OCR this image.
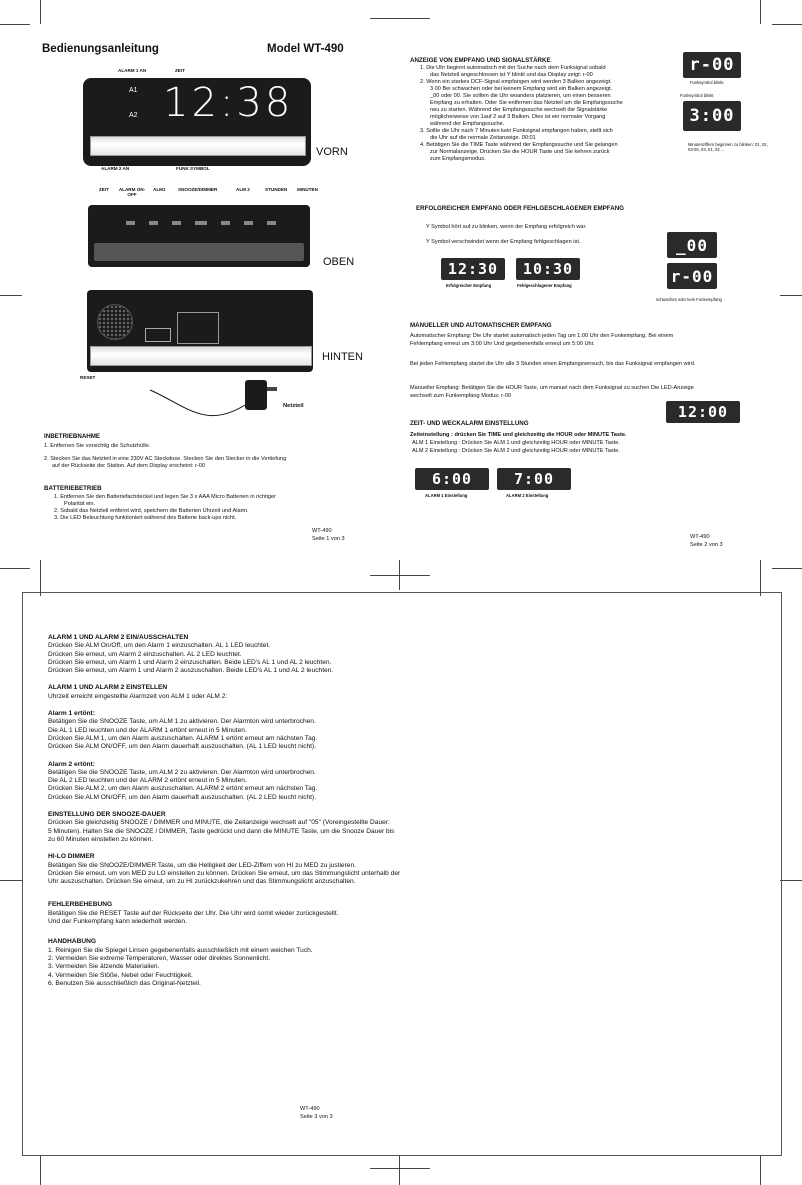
Bedienungsanleitung	Model WT-490
ALARM 1 AN	ZEIT
A1
A2 12:38
VORN
ALARM 2 AN	FUNK SYMBOL
ZEIT ALARM ON-OFF
ALM1	SNOOZE/DIMMER	ALM 2	STUNDEN MINUTEN
OBEN
HINTEN
RESET
Netzteil
INBETRIEBNAHME
1. Entfernen Sie vorsichtig die Schutzhülle.
2. Stecken Sie das Netzteil in eine 230V AC Steckdose. Stecken Sie den Stecker in die Vertiefung
auf der Rückseite der Station. Auf dem Display erscheint: r-00
BATTERIEBETRIEB
1. Entfernen Sie den Batteriefachdeckel und legen Sie 3 x AAA Micro Batterien in richtiger
Polarität ein.
2. Sobald das Netzteil entfernt wird, speichern die Batterien Uhrzeit und Alarm.
3. Die LED Beleuchtung funktioniert während des Batterie back-ups nicht.
WT-490
Seite 1 von 3
ANZEIGE VON EMPFANG UND SIGNALSTÄRKE

1. Die Uhr beginnt automatisch mit der Suche nach dem Funksignal sobald

das Netzteil angeschlossen ist Y blinkt und das Display zeigt: r-00

2. Wenn ein starkes DCF-Signal empfangen wird werden 3 Balken angezeigt.

3 00 Bei schwachen oder bei keinem Empfang wird ein Balken angezeigt.

_00 oder 00. Sie sollten die Uhr woanders platzieren, um einen besseren

Empfang zu erhalten. Oder Sie entfernen das Netzteil um die Empfangssuche

neu zu starten. Während der Empfangssuche wechselt die Signalstärke

möglicherweise von 1auf 2 auf 3 Balken. Dies ist ein normaler Vorgang

während der Empfangssuche.

3. Sollte die Uhr nach 7 Minuten kein Funksignal empfangen haben, stellt sich

die Uhr auf die normale Zeitanzeige. 00:01

4. Betätigen Sie die TIME Taste während der Empfangssuche und Sie gelangen

zur Normalanzeige. Drücken Sie die HOUR Taste und Sie kehren zurück

zum Empfangsmodus.

r-00
Funksymbol blinkt
Funksymbol blinkt
3:00
Minutenziffern beginnen zu blinken: 01, 02, 03-00, 03, 01, 02 ...
ERFOLGREICHER EMPFANG ODER FEHLGESCHLAGENER EMPFANG
Y Symbol hört auf zu blinken, wenn der Empfang erfolgreich war.
Y Symbol verschwindet wenn der Empfang fehlgeschlagen ist.
12:30
Erfolgreicher Empfang
10:30
Fehlgeschlagener Empfang
_00
r-00
schwaches oder kein Funkempfang
MANUELLER UND AUTOMATISCHER EMPFANG
Automatischer Empfang: Die Uhr startet automatisch jeden Tag um 1:00 Uhr den Funkempfang. Bei einem
Fehlempfang erneut um 3:00 Uhr Und gegebenenfalls erneut um 5:00 Uhr.
Bei jeden Fehlempfang startet die Uhr alle 3 Stunden einen Empfangsversuch, bis das Funksignal empfangen wird.
Manueller Empfang: Betätigen Sie die HOUR Taste, um manuel nach dem Funksignal zu suchen Die LED-Anzeige
wechselt zum Funkempfang Modus: r-00
12:00
ZEIT- UND WECKALARM EINSTELLUNG
Zeiteinstellung : drücken Sie TIME und gleichzeitig die HOUR oder MINUTE Taste.
ALM 1 Einstellung : Drücken Sie ALM 1 und gleichzeitig HOUR oder MINUTE Taste.
ALM 2 Einstellung : Drücken Sie ALM 2 und gleichzeitig HOUR oder MINUTE Taste.
6:00
ALARM 1 Einstellung
7:00
ALARM 2 Einstellung
WT-490
Seite 2 von 3

ALARM 1 UND ALARM 2 EIN/AUSSCHALTEN

Drücken Sie ALM On/Off, um den Alarm 1 einzuschalten. AL 1 LED leuchtet.

Drücken Sie erneut, um Alarm 2 einzuschalten. AL 2 LED leuchtet.

Drücken Sie erneut, um Alarm 1 und Alarm 2 einzuschalten. Beide LED's AL 1 und AL 2 leuchten.

Drücken Sie erneut, um Alarm 1 und Alarm 2 auszuschalten. Beide LED's AL 1 und AL 2 leuchten.

ALARM 1 UND ALARM 2 EINSTELLEN

Uhrzeit erreicht eingestellte Alarmzeit von ALM 1 oder ALM 2:

Alarm 1 ertönt:

Betätigen Sie die SNOOZE Taste, um ALM 1 zu aktivieren. Der Alarmton wird unterbrochen.

Die AL 1 LED leuchten und der ALARM 1 ertönt erneut in 5 Minuten.

Drücken Sie ALM 1, um den Alarm auszuschalten. ALARM 1 ertönt erneut am nächsten Tag.

Drücken Sie ALM ON/OFF, um den Alarm dauerhaft auszuschalten. (AL 1 LED leucht nicht).

Alarm 2 ertönt:

Betätigen Sie die SNOOZE Taste, um ALM 2 zu aktivieren. Der Alarmton wird unterbrochen.

Die AL 2 LED leuchten und der ALARM 2 ertönt erneut in 5 Minuten.

Drücken Sie ALM 2, um den Alarm auszuschalten. ALARM 2 ertönt erneut am nächsten Tag.

Drücken Sie ALM ON/OFF, um den Alarm dauerhaft auszuschalten. (AL 2 LED leucht nicht).

EINSTELLUNG DER SNOOZE-DAUER

Drücken Sie gleichzeitig SNOOZE / DIMMER und MINUTE, die Zeitanzeige wechselt auf "05" (Voreingestellte Dauer:

5 Minuten). Halten Sie die SNOOZE / DIMMER, Taste gedrückt und dann die MINUTE Taste, um die Snooze Dauer bis

zu 60 Minuten einstellen zu können.

HI-LO DIMMER

Betätigen Sie die SNOOZE/DIMMER Taste, um die Helligkeit der LED-Ziffern von HI zu MED zu justieren.

Drücken Sie erneut, um von MED zu LO einstellen zu können. Drücken Sie erneut, um das Stimmungslicht unterhalb der

Uhr auszuschalten. Drücken Sie erneut, um zu HI zurückzukehren und das Stimmungslicht anzuschalten.

FEHLERBEHEBUNG

Betätigen Sie die RESET Taste auf der Rückseite der Uhr. Die Uhr wird somit wieder zurückgestellt.

Und der Funkempfang kann wiederholt werden.

HANDHABUNG

1. Reinigen Sie die Spiegel Linsen gegebenenfalls ausschließlich mit einem weichen Tuch.

2. Vermeiden Sie extreme Temperaturen, Wasser oder direktes Sonnenlicht.

3. Vermeiden Sie ätzende Materialien.

4. Vermeiden Sie Stöße, Nebel oder Feuchtigkeit.

6. Benutzen Sie ausschließlich das Original-Netzteil.

WT-490
Seite 3 von 3
